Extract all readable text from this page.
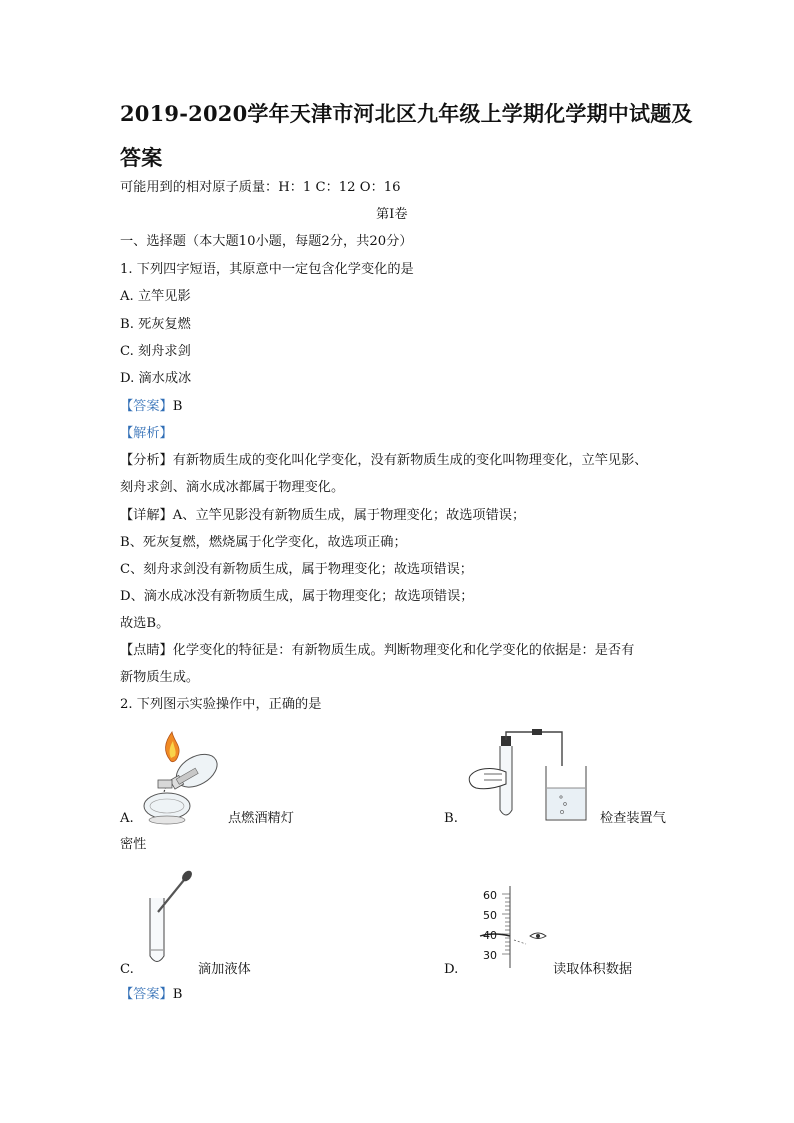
2019-2020学年天津市河北区九年级上学期化学期中试题及
答案
可能用到的相对原子质量：H：1 C：12 O：16
第Ⅰ卷
一、选择题（本大题10小题，每题2分，共20分）
1. 下列四字短语，其原意中一定包含化学变化的是
A. 立竿见影
B. 死灰复燃
C. 刻舟求剑
D. 滴水成冰
【答案】B
【解析】
【分析】有新物质生成的变化叫化学变化，没有新物质生成的变化叫物理变化，立竿见影、
刻舟求剑、滴水成冰都属于物理变化。
【详解】A、立竿见影没有新物质生成，属于物理变化；故选项错误；
B、死灰复燃，燃烧属于化学变化，故选项正确；
C、刻舟求剑没有新物质生成，属于物理变化；故选项错误；
D、滴水成冰没有新物质生成，属于物理变化；故选项错误；
故选B。
【点睛】化学变化的特征是：有新物质生成。判断物理变化和化学变化的依据是：是否有
新物质生成。
2. 下列图示实验操作中，正确的是
A.	点燃酒精灯	B.	检查装置气
密性
C.	滴加液体
60
50
40
30
D.	读取体积数据
【答案】B
